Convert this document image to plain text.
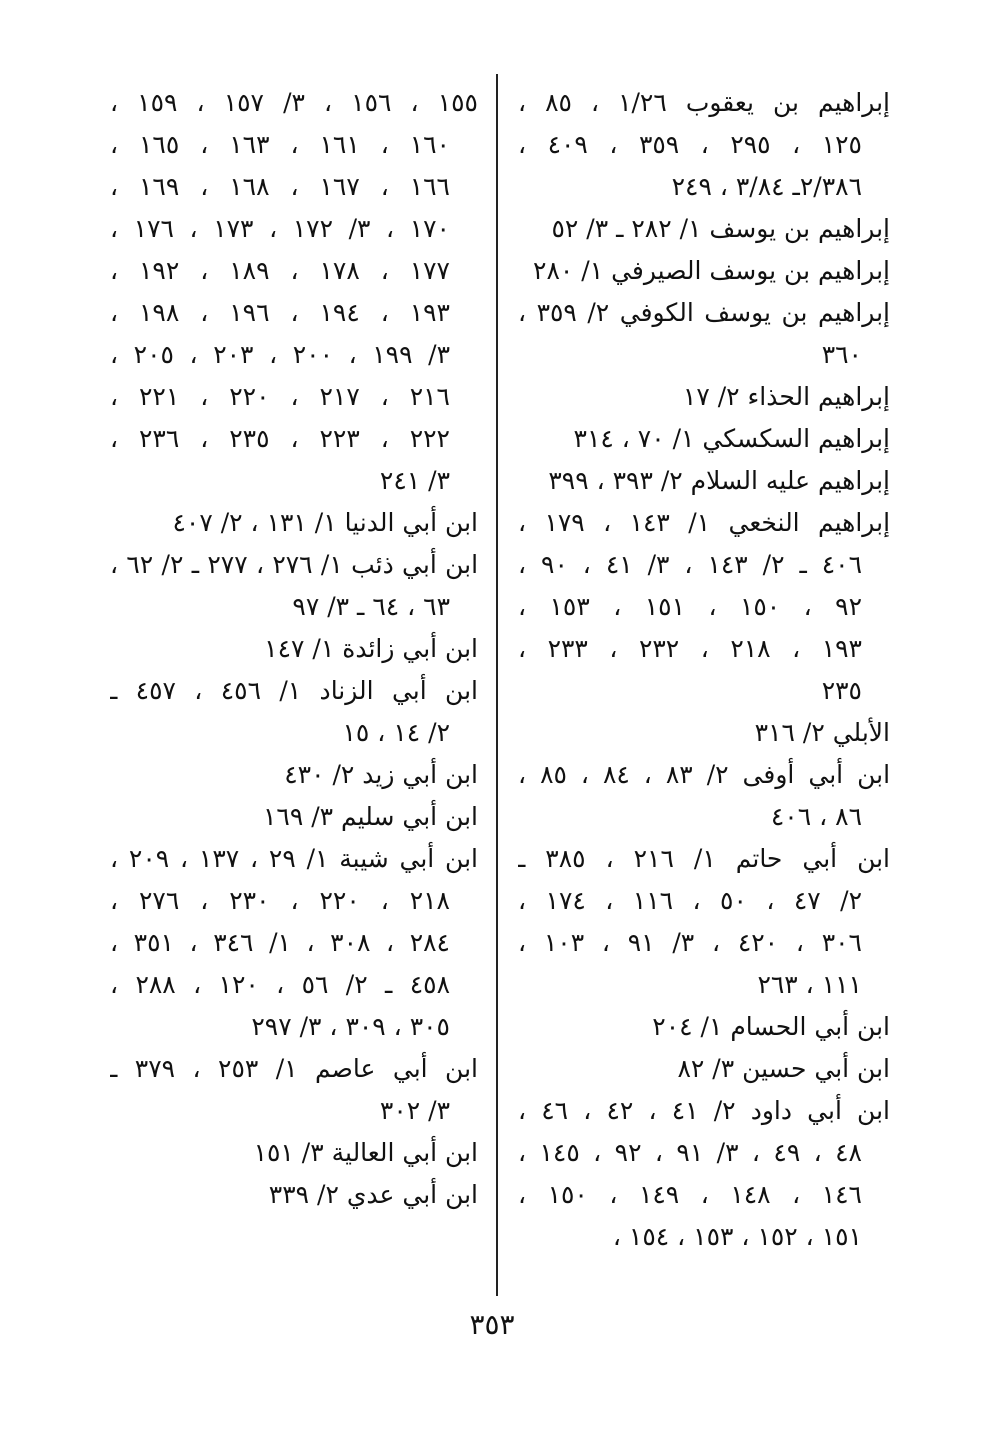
إبراهيم بن يعقوب ١/٢٦ ، ٨٥ ،
١٢٥ ، ٢٩٥ ، ٣٥٩ ، ٤٠٩ ،
٢/٣٨٦ـ ٣/٨٤ ، ٢٤٩
إبراهيم بن يوسف ١/ ٢٨٢ ـ ٣/ ٥٢
إبراهيم بن يوسف الصيرفي ١/ ٢٨٠
إبراهيم بن يوسف الكوفي ٢/ ٣٥٩ ،
٣٦٠
إبراهيم الحذاء ٢/ ١٧
إبراهيم السكسكي ١/ ٧٠ ، ٣١٤
إبراهيم عليه السلام ٢/ ٣٩٣ ، ٣٩٩
إبراهيم النخعي ١/ ١٤٣ ، ١٧٩ ،
٤٠٦ ـ ٢/ ١٤٣ ، ٣/ ٤١ ، ٩٠ ،
٩٢ ، ١٥٠ ، ١٥١ ، ١٥٣ ،
١٩٣ ، ٢١٨ ، ٢٣٢ ، ٢٣٣ ،
٢٣٥
الأبلي ٢/ ٣١٦
ابن أبي أوفى ٢/ ٨٣ ، ٨٤ ، ٨٥ ،
٨٦ ، ٤٠٦
ابن أبي حاتم ١/ ٢١٦ ، ٣٨٥ ـ
٢/ ٤٧ ، ٥٠ ، ١١٦ ، ١٧٤ ،
٣٠٦ ، ٤٢٠ ، ٣/ ٩١ ، ١٠٣ ،
١١١ ، ٢٦٣
ابن أبي الحسام ١/ ٢٠٤
ابن أبي حسين ٣/ ٨٢
ابن أبي داود ٢/ ٤١ ، ٤٢ ، ٤٦ ،
٤٨ ، ٤٩ ، ٣/ ٩١ ، ٩٢ ، ١٤٥ ،
١٤٦ ، ١٤٨ ، ١٤٩ ، ١٥٠ ،
١٥١ ، ١٥٢ ، ١٥٣ ، ١٥٤ ،
١٥٥ ، ١٥٦ ، ٣/ ١٥٧ ، ١٥٩ ،
١٦٠ ، ١٦١ ، ١٦٣ ، ١٦٥ ،
١٦٦ ، ١٦٧ ، ١٦٨ ، ١٦٩ ،
١٧٠ ، ٣/ ١٧٢ ، ١٧٣ ، ١٧٦ ،
١٧٧ ، ١٧٨ ، ١٨٩ ، ١٩٢ ،
١٩٣ ، ١٩٤ ، ١٩٦ ، ١٩٨ ،
٣/ ١٩٩ ، ٢٠٠ ، ٢٠٣ ، ٢٠٥ ،
٢١٦ ، ٢١٧ ، ٢٢٠ ، ٢٢١ ،
٢٢٢ ، ٢٢٣ ، ٢٣٥ ، ٢٣٦ ،
٣/ ٢٤١
ابن أبي الدنيا ١/ ١٣١ ، ٢/ ٤٠٧
ابن أبي ذئب ١/ ٢٧٦ ، ٢٧٧ ـ ٢/ ٦٢ ،
٦٣ ، ٦٤ ـ ٣/ ٩٧
ابن أبي زائدة ١/ ١٤٧
ابن أبي الزناد ١/ ٤٥٦ ، ٤٥٧ ـ
٢/ ١٤ ، ١٥
ابن أبي زيد ٢/ ٤٣٠
ابن أبي سليم ٣/ ١٦٩
ابن أبي شيبة ١/ ٢٩ ، ١٣٧ ، ٢٠٩ ،
٢١٨ ، ٢٢٠ ، ٢٣٠ ، ٢٧٦ ،
٢٨٤ ، ٣٠٨ ، ١/ ٣٤٦ ، ٣٥١ ،
٤٥٨ ـ ٢/ ٥٦ ، ١٢٠ ، ٢٨٨ ،
٣٠٥ ، ٣٠٩ ، ٣/ ٢٩٧
ابن أبي عاصم ١/ ٢٥٣ ، ٣٧٩ ـ
٣/ ٣٠٢
ابن أبي العالية ٣/ ١٥١
ابن أبي عدي ٢/ ٣٣٩
٣٥٣
